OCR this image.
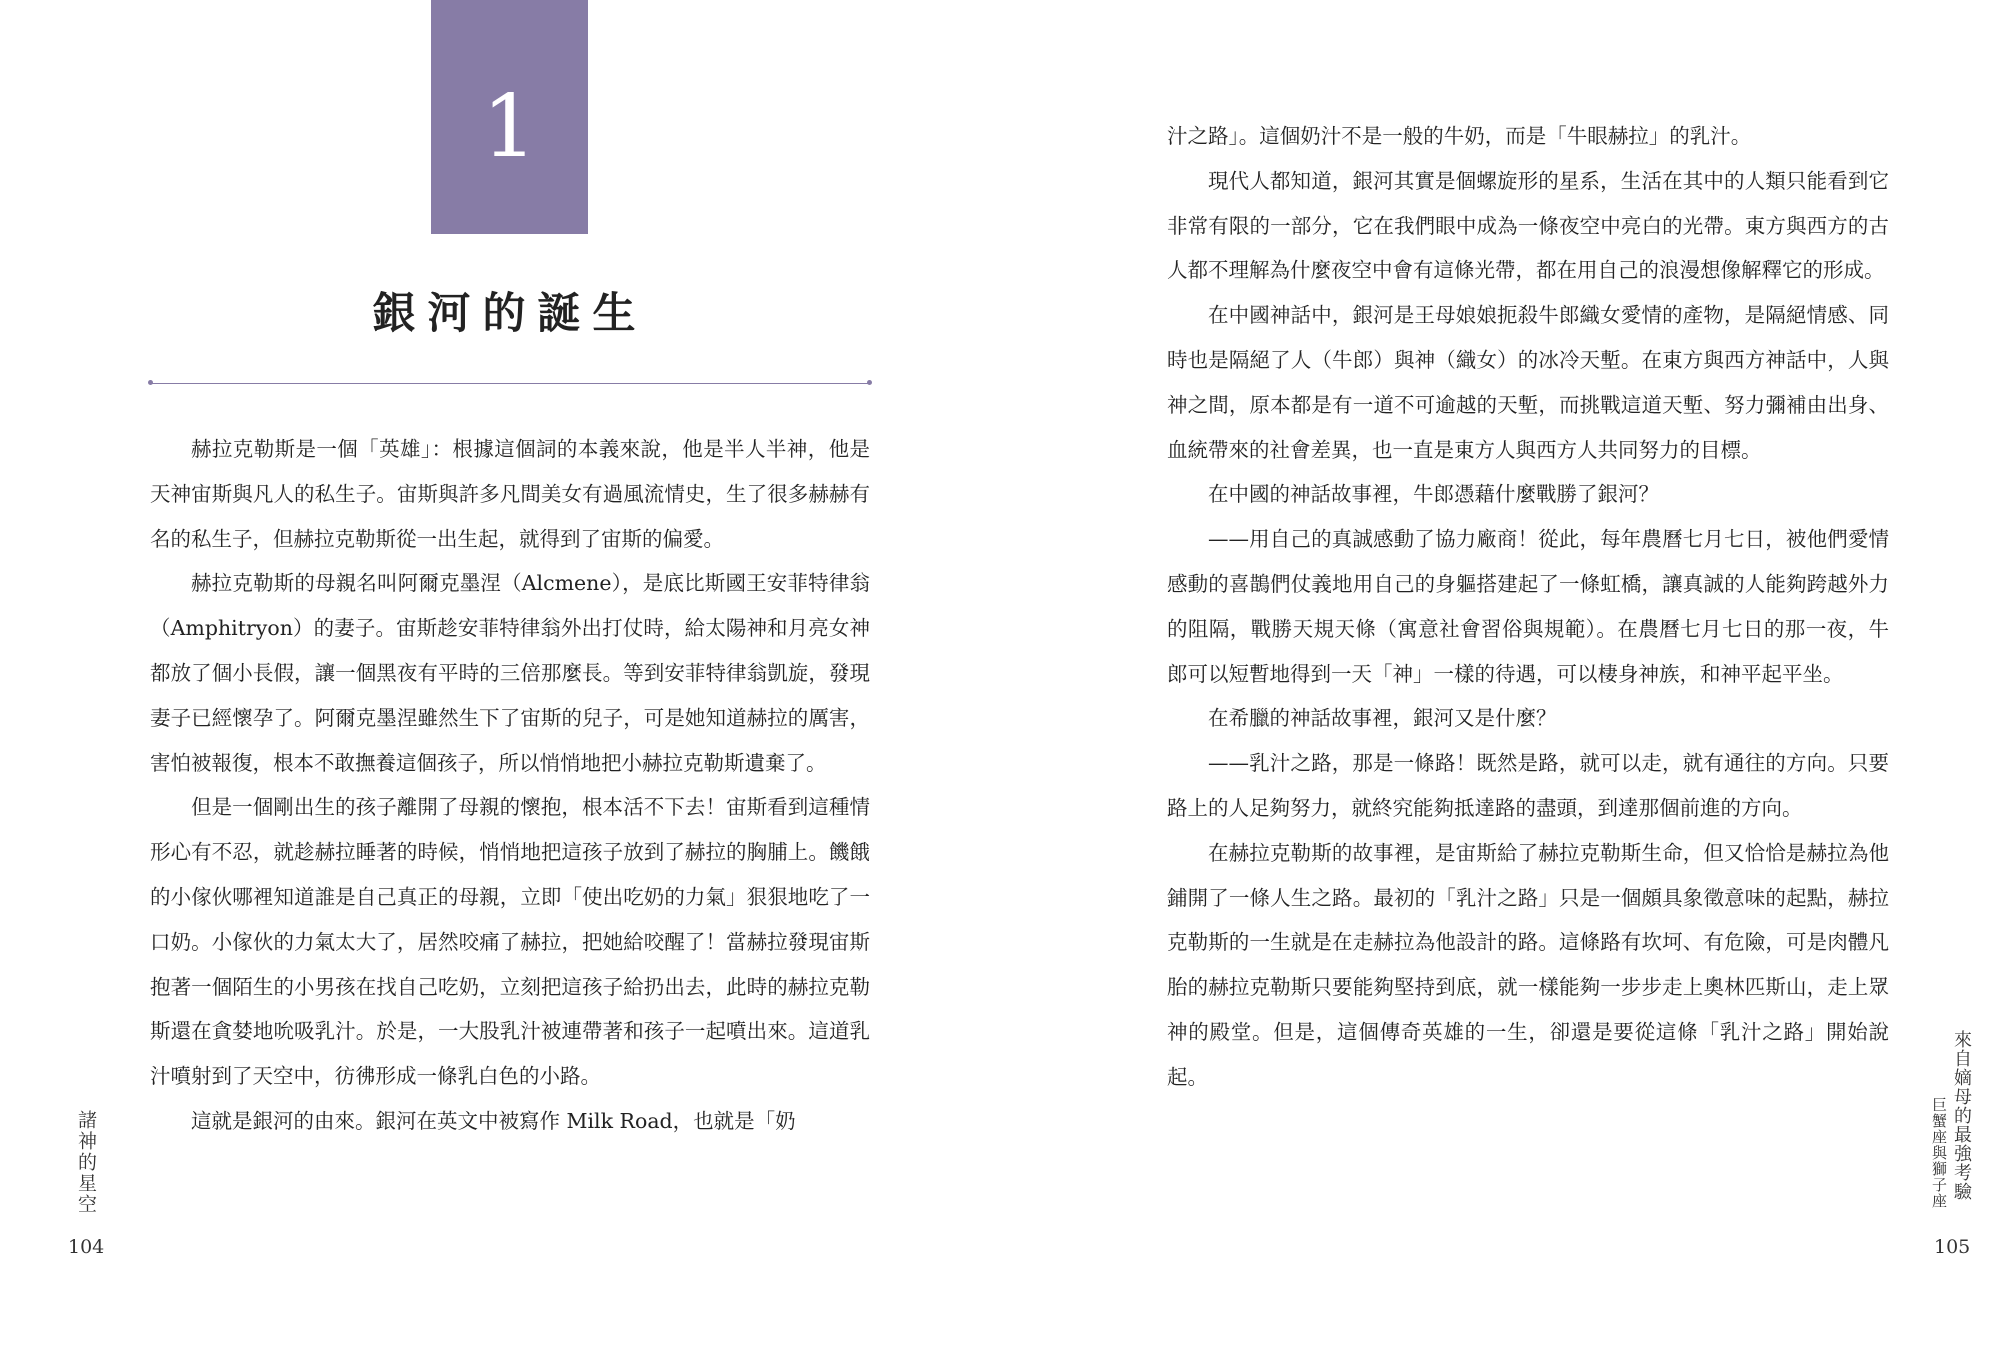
1
銀河的誕生

赫拉克勒斯是一個「英雄」：根據這個詞的本義來說，他是半人半神，他是天神宙斯與凡人的私生子。宙斯與許多凡間美女有過風流情史，生了很多赫赫有名的私生子，但赫拉克勒斯從一出生起，就得到了宙斯的偏愛。

赫拉克勒斯的母親名叫阿爾克墨涅（Alcmene），是底比斯國王安菲特律翁（Amphitryon）的妻子。宙斯趁安菲特律翁外出打仗時，給太陽神和月亮女神都放了個小長假，讓一個黑夜有平時的三倍那麼長。等到安菲特律翁凱旋，發現妻子已經懷孕了。阿爾克墨涅雖然生下了宙斯的兒子，可是她知道赫拉的厲害，害怕被報復，根本不敢撫養這個孩子，所以悄悄地把小赫拉克勒斯遺棄了。

但是一個剛出生的孩子離開了母親的懷抱，根本活不下去！宙斯看到這種情形心有不忍，就趁赫拉睡著的時候，悄悄地把這孩子放到了赫拉的胸脯上。饑餓的小傢伙哪裡知道誰是自己真正的母親，立即「使出吃奶的力氣」狠狠地吃了一口奶。小傢伙的力氣太大了，居然咬痛了赫拉，把她給咬醒了！當赫拉發現宙斯抱著一個陌生的小男孩在找自己吃奶，立刻把這孩子給扔出去，此時的赫拉克勒斯還在貪婪地吮吸乳汁。於是，一大股乳汁被連帶著和孩子一起噴出來。這道乳汁噴射到了天空中，彷彿形成一條乳白色的小路。

這就是銀河的由來。銀河在英文中被寫作 Milk Road，也就是「奶

諸神的星空
104

汁之路」。這個奶汁不是一般的牛奶，而是「牛眼赫拉」的乳汁。

現代人都知道，銀河其實是個螺旋形的星系，生活在其中的人類只能看到它非常有限的一部分，它在我們眼中成為一條夜空中亮白的光帶。東方與西方的古人都不理解為什麼夜空中會有這條光帶，都在用自己的浪漫想像解釋它的形成。

在中國神話中，銀河是王母娘娘扼殺牛郎織女愛情的產物，是隔絕情感、同時也是隔絕了人（牛郎）與神（織女）的冰冷天塹。在東方與西方神話中，人與神之間，原本都是有一道不可逾越的天塹，而挑戰這道天塹、努力彌補由出身、血統帶來的社會差異，也一直是東方人與西方人共同努力的目標。

在中國的神話故事裡，牛郎憑藉什麼戰勝了銀河？

——用自己的真誠感動了協力廠商！從此，每年農曆七月七日，被他們愛情感動的喜鵲們仗義地用自己的身軀搭建起了一條虹橋，讓真誠的人能夠跨越外力的阻隔，戰勝天規天條（寓意社會習俗與規範）。在農曆七月七日的那一夜，牛郎可以短暫地得到一天「神」一樣的待遇，可以棲身神族，和神平起平坐。

在希臘的神話故事裡，銀河又是什麼？

——乳汁之路，那是一條路！既然是路，就可以走，就有通往的方向。只要路上的人足夠努力，就終究能夠抵達路的盡頭，到達那個前進的方向。

在赫拉克勒斯的故事裡，是宙斯給了赫拉克勒斯生命，但又恰恰是赫拉為他鋪開了一條人生之路。最初的「乳汁之路」只是一個頗具象徵意味的起點，赫拉克勒斯的一生就是在走赫拉為他設計的路。這條路有坎坷、有危險，可是肉體凡胎的赫拉克勒斯只要能夠堅持到底，就一樣能夠一步步走上奧林匹斯山，走上眾神的殿堂。但是，這個傳奇英雄的一生，卻還是要從這條「乳汁之路」開始說起。	來自嫡母的最強考驗
巨蟹座與獅子座
105
